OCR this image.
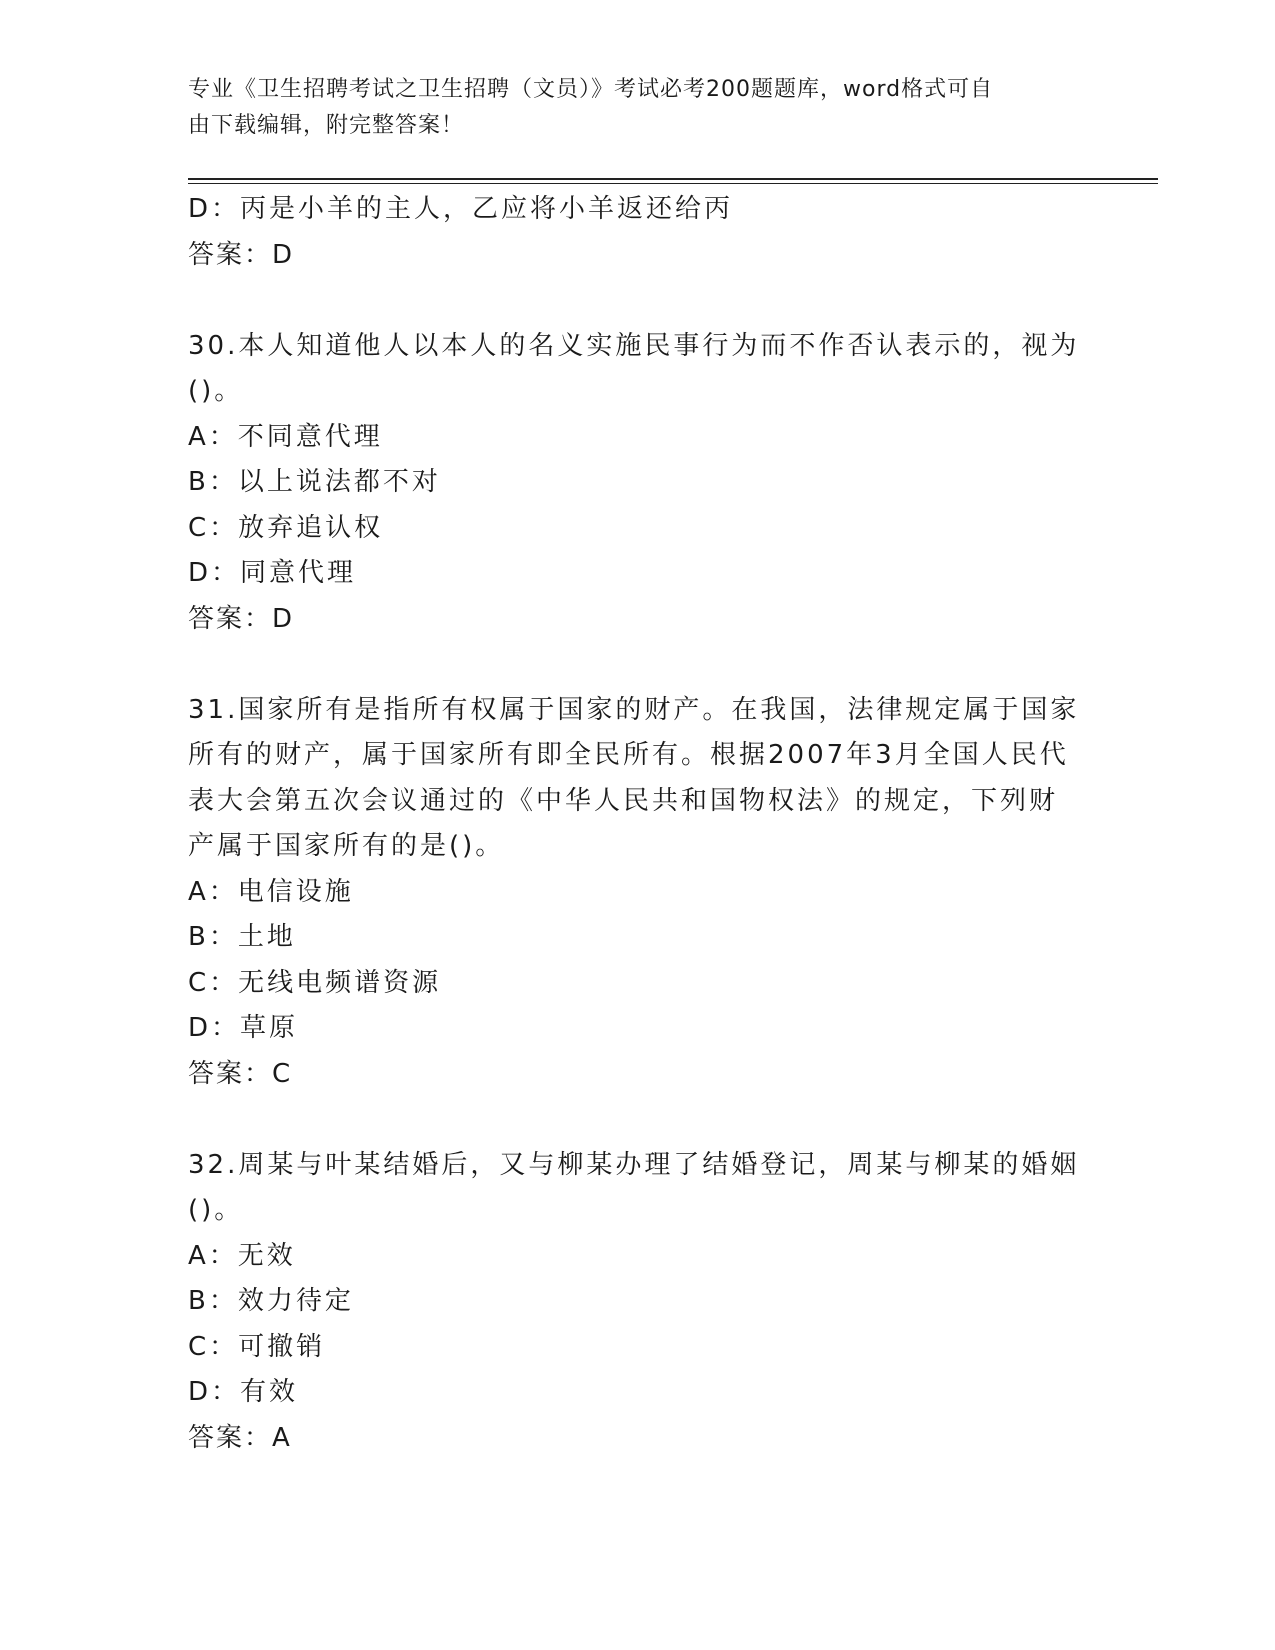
专业《卫生招聘考试之卫生招聘（文员）》考试必考200题题库，word格式可自
由下载编辑，附完整答案！
D：丙是小羊的主人，乙应将小羊返还给丙
答案：D
30.本人知道他人以本人的名义实施民事行为而不作否认表示的，视为
()。
A：不同意代理
B：以上说法都不对
C：放弃追认权
D：同意代理
答案：D
31.国家所有是指所有权属于国家的财产。在我国，法律规定属于国家
所有的财产，属于国家所有即全民所有。根据2007年3月全国人民代
表大会第五次会议通过的《中华人民共和国物权法》的规定，下列财
产属于国家所有的是()。
A：电信设施
B：土地
C：无线电频谱资源
D：草原
答案：C
32.周某与叶某结婚后，又与柳某办理了结婚登记，周某与柳某的婚姻
()。
A：无效
B：效力待定
C：可撤销
D：有效
答案：A
